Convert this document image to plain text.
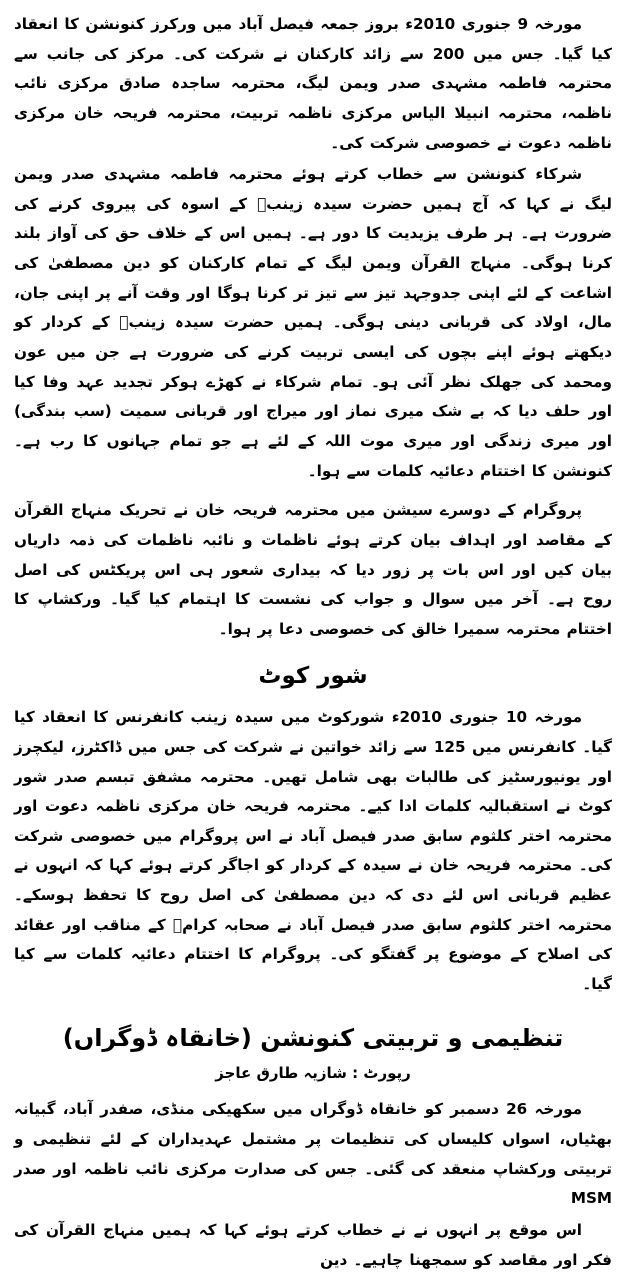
مورخہ 9 جنوری 2010ء بروز جمعہ فیصل آباد میں ورکرز کنونشن کا انعقاد کیا گیا۔ جس میں 200 سے زائد کارکنان نے شرکت کی۔ مرکز کی جانب سے محترمہ فاطمہ مشہدی صدر ویمن لیگ، محترمہ ساجدہ صادق مرکزی نائب ناظمہ، محترمہ انبیلا الیاس مرکزی ناظمہ تربیت، محترمہ فریحہ خان مرکزی ناظمہ دعوت نے خصوصی شرکت کی۔

شرکاء کنونشن سے خطاب کرتے ہوئے محترمہ فاطمہ مشہدی صدر ویمن لیگ نے کہا کہ آج ہمیں حضرت سیدہ زینبؓ کے اسوہ کی پیروی کرنے کی ضرورت ہے۔ ہر طرف یزیدیت کا دور ہے۔ ہمیں اس کے خلاف حق کی آواز بلند کرنا ہوگی۔ منہاج القرآن ویمن لیگ کے تمام کارکنان کو دین مصطفیٰ کی اشاعت کے لئے اپنی جدوجہد تیز سے تیز تر کرنا ہوگا اور وقت آنے پر اپنی جان، مال، اولاد کی قربانی دینی ہوگی۔ ہمیں حضرت سیدہ زینبؓ کے کردار کو دیکھتے ہوئے اپنے بچوں کی ایسی تربیت کرنے کی ضرورت ہے جن میں عون ومحمد کی جھلک نظر آئی ہو۔ تمام شرکاء نے کھڑے ہوکر تجدید عہد وفا کیا اور حلف دیا کہ بے شک میری نماز اور میراج اور قربانی سمیت (سب بندگی) اور میری زندگی اور میری موت اللہ کے لئے ہے جو تمام جہانوں کا رب ہے۔ کنونشن کا اختتام دعائیہ کلمات سے ہوا۔

پروگرام کے دوسرے سیشن میں محترمہ فریحہ خان نے تحریک منہاج القرآن کے مقاصد اور اہداف بیان کرتے ہوئے ناظمات و نائبہ ناظمات کی ذمہ داریاں بیان کیں اور اس بات پر زور دیا کہ بیداری شعور ہی اس پریکٹس کی اصل روح ہے۔ آخر میں سوال و جواب کی نشست کا اہتمام کیا گیا۔ ورکشاپ کا اختتام محترمہ سمیرا خالق کی خصوصی دعا پر ہوا۔

شور کوٹ

مورخہ 10 جنوری 2010ء شورکوٹ میں سیدہ زینب کانفرنس کا انعقاد کیا گیا۔ کانفرنس میں 125 سے زائد خواتین نے شرکت کی جس میں ڈاکٹرز، لیکچرز اور یونیورسٹیز کی طالبات بھی شامل تھیں۔ محترمہ مشفق تبسم صدر شور کوٹ نے استقبالیہ کلمات ادا کیے۔ محترمہ فریحہ خان مرکزی ناظمہ دعوت اور محترمہ اختر کلثوم سابق صدر فیصل آباد نے اس پروگرام میں خصوصی شرکت کی۔ محترمہ فریحہ خان نے سیدہ کے کردار کو اجاگر کرتے ہوئے کہا کہ انہوں نے عظیم قربانی اس لئے دی کہ دین مصطفیٰ کی اصل روح کا تحفظ ہوسکے۔ محترمہ اختر کلثوم سابق صدر فیصل آباد نے صحابہ کرامؓ کے مناقب اور عقائد کی اصلاح کے موضوع پر گفتگو کی۔ پروگرام کا اختتام دعائیہ کلمات سے کیا گیا۔

تنظیمی و تربیتی کنونشن (خانقاہ ڈوگراں)
رپورٹ : شازیہ طارق عاجز

مورخہ 26 دسمبر کو خانقاہ ڈوگراں میں سکھیکی منڈی، صفدر آباد، گبیانہ بھٹیاں، اسواں کلیساں کی تنظیمات پر مشتمل عہدیداران کے لئے تنظیمی و تربیتی ورکشاپ منعقد کی گئی۔ جس کی صدارت مرکزی نائب ناظمہ اور صدر MSM

اس موقع پر انہوں نے نے خطاب کرتے ہوئے کہا کہ ہمیں منہاج القرآن کی فکر اور مقاصد کو سمجھنا چاہیے۔ دین
